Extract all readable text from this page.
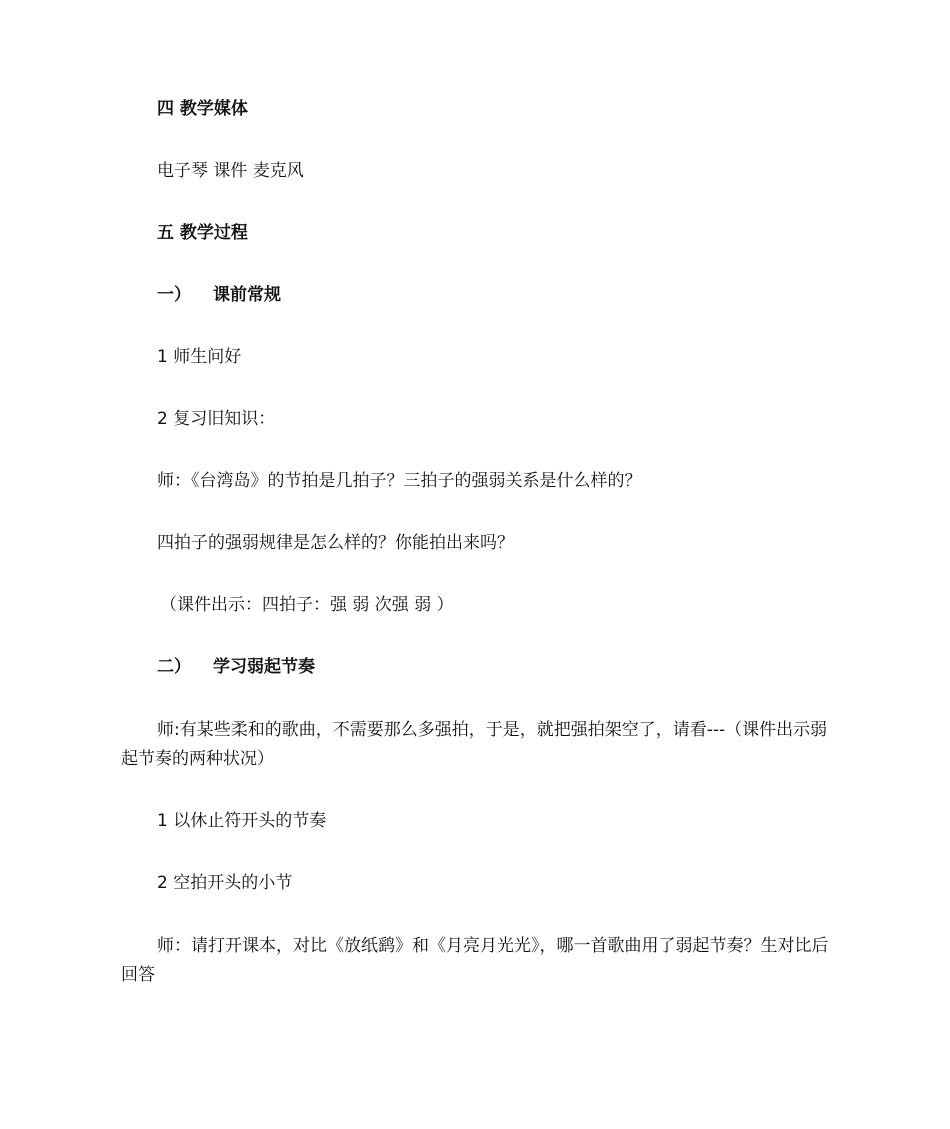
四 教学媒体
电子琴 课件 麦克风
五 教学过程
一） 课前常规
1 师生问好
2 复习旧知识：
师：《台湾岛》的节拍是几拍子？三拍子的强弱关系是什么样的？
四拍子的强弱规律是怎么样的？你能拍出来吗？
（课件出示：四拍子：强 弱 次强 弱 ）
二） 学习弱起节奏
师:有某些柔和的歌曲，不需要那么多强拍，于是，就把强拍架空了，请看---（课件出示弱起节奏的两种状况）
1 以休止符开头的节奏
2 空拍开头的小节
师：请打开课本，对比《放纸鹞》和《月亮月光光》，哪一首歌曲用了弱起节奏？生对比后回答
